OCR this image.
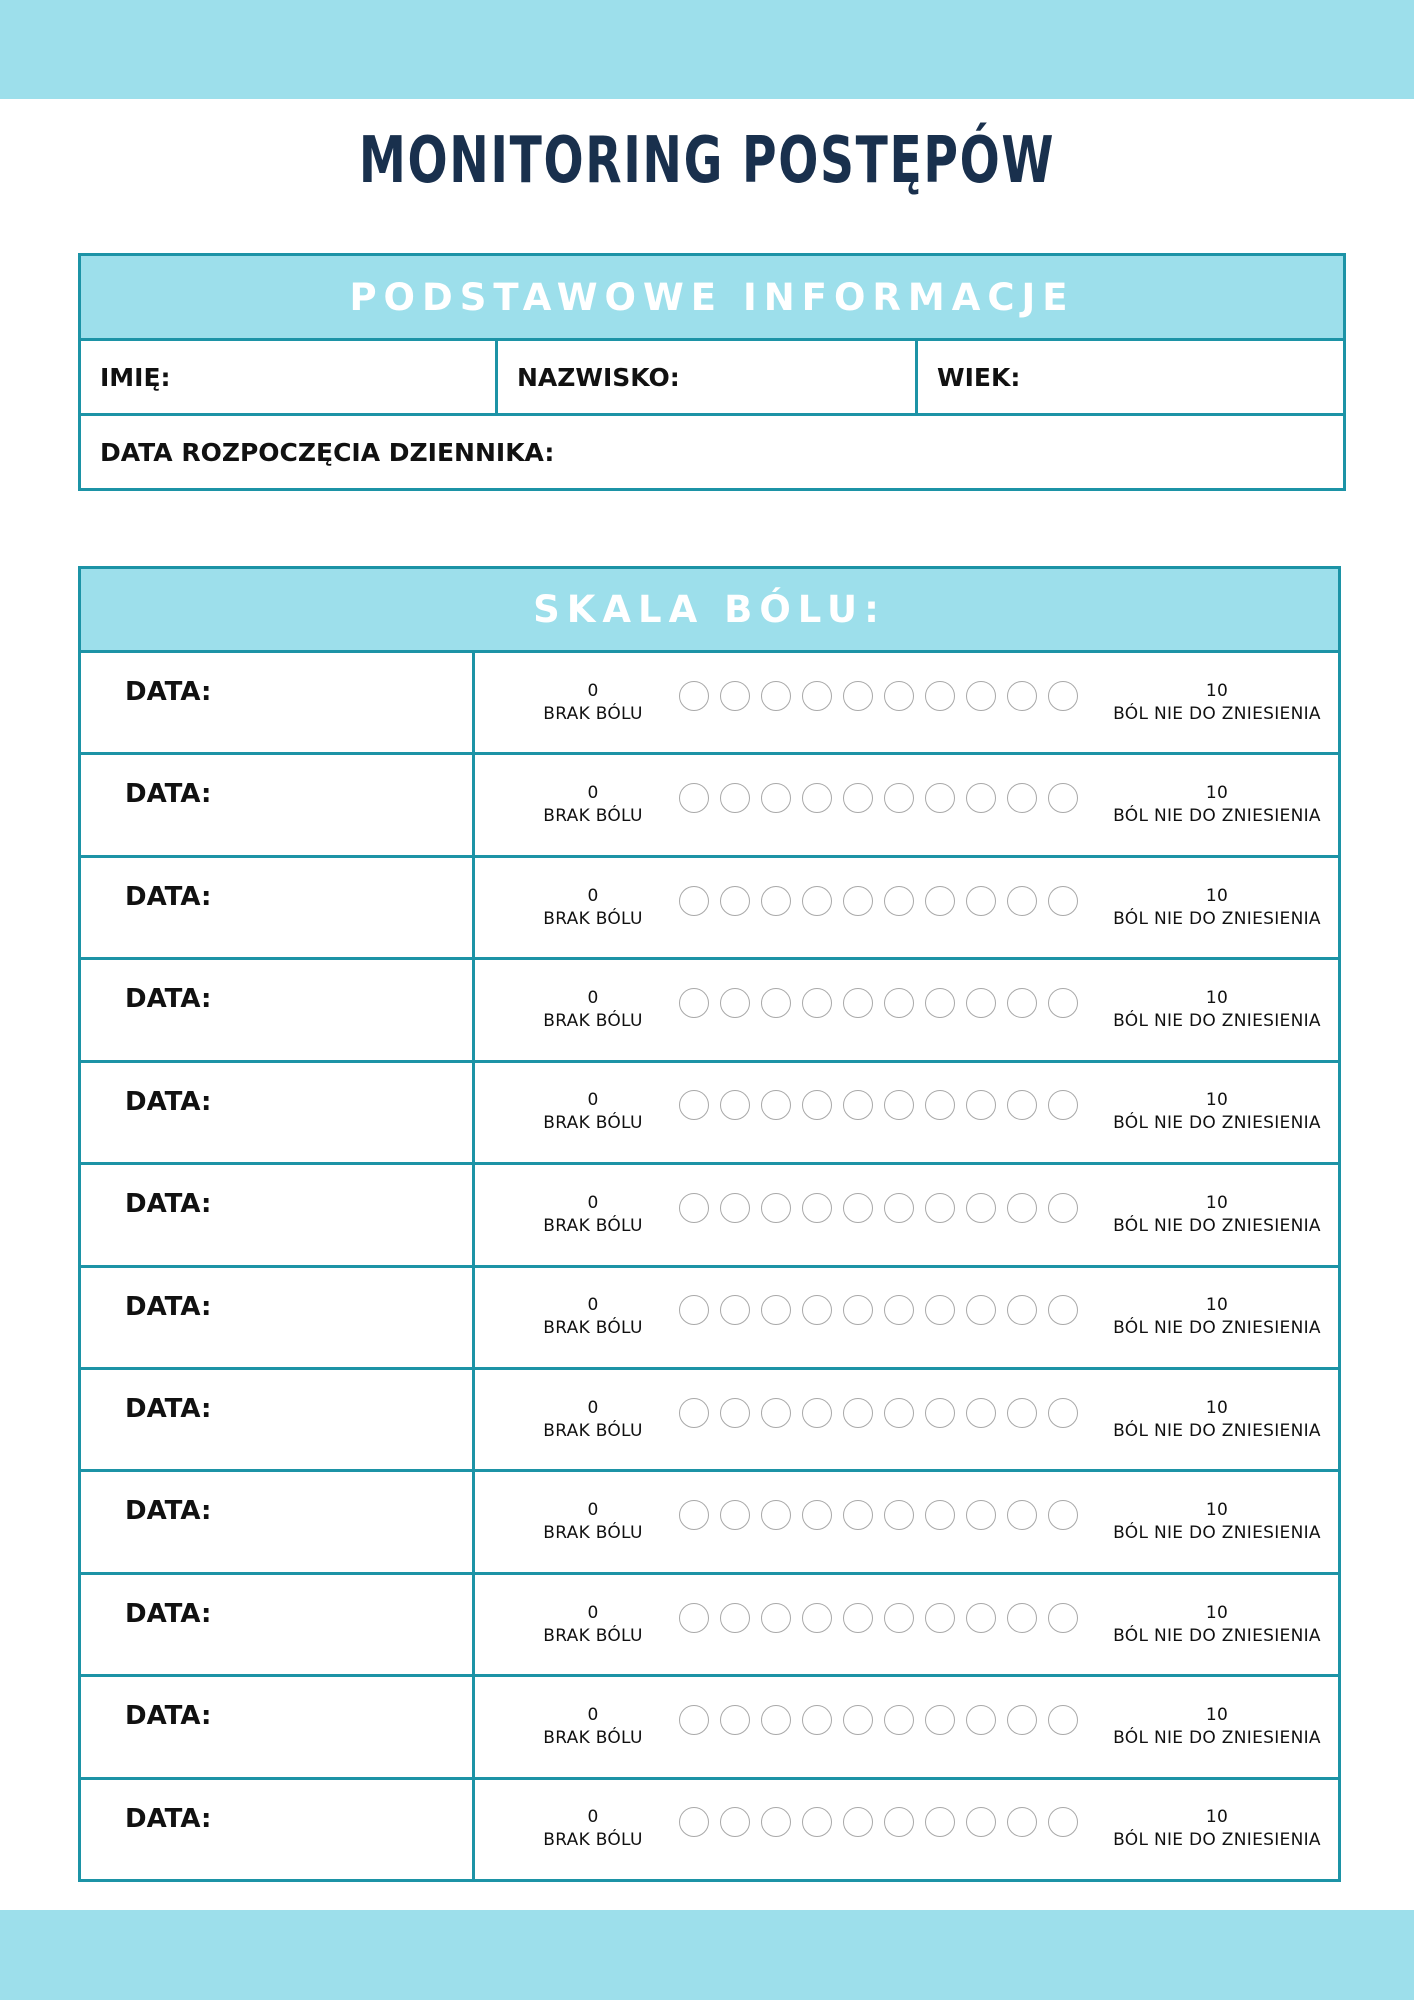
MONITORING POSTĘPÓW
PODSTAWOWE INFORMACJE
IMIĘ:	NAZWISKO:	WIEK:
DATA ROZPOCZĘCIA DZIENNIKA:
SKALA BÓLU:
DATA:	0
BRAK BÓLU
10
BÓL NIE DO ZNIESIENIA
DATA:	0
BRAK BÓLU
10
BÓL NIE DO ZNIESIENIA
DATA:	0
BRAK BÓLU
10
BÓL NIE DO ZNIESIENIA
DATA:	0
BRAK BÓLU
10
BÓL NIE DO ZNIESIENIA
DATA:	0
BRAK BÓLU
10
BÓL NIE DO ZNIESIENIA
DATA:	0
BRAK BÓLU
10
BÓL NIE DO ZNIESIENIA
DATA:	0
BRAK BÓLU
10
BÓL NIE DO ZNIESIENIA
DATA:	0
BRAK BÓLU
10
BÓL NIE DO ZNIESIENIA
DATA:	0
BRAK BÓLU
10
BÓL NIE DO ZNIESIENIA
DATA:	0
BRAK BÓLU
10
BÓL NIE DO ZNIESIENIA
DATA:	0
BRAK BÓLU
10
BÓL NIE DO ZNIESIENIA
DATA:	0
BRAK BÓLU
10
BÓL NIE DO ZNIESIENIA
